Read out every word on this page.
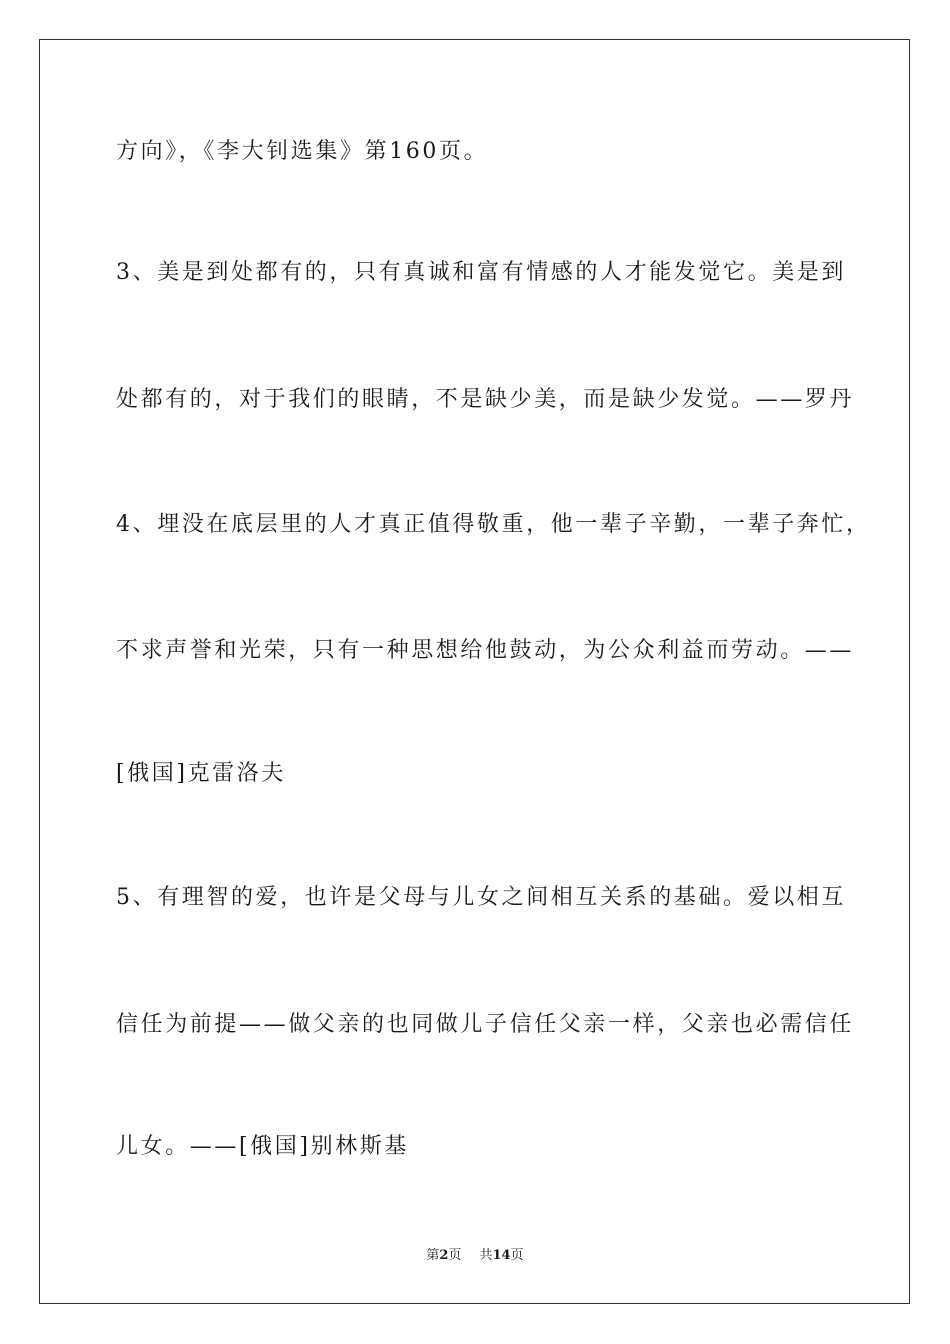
方向》，《李大钊选集》第160页。

3、美是到处都有的，只有真诚和富有情感的人才能发觉它。美是到

处都有的，对于我们的眼睛，不是缺少美，而是缺少发觉。——罗丹

4、埋没在底层里的人才真正值得敬重，他一辈子辛勤，一辈子奔忙，

不求声誉和光荣，只有一种思想给他鼓动，为公众利益而劳动。——

[俄国]克雷洛夫

5、有理智的爱，也许是父母与儿女之间相互关系的基础。爱以相互

信任为前提——做父亲的也同做儿子信任父亲一样，父亲也必需信任

儿女。——[俄国]别林斯基

第2页 共14页
